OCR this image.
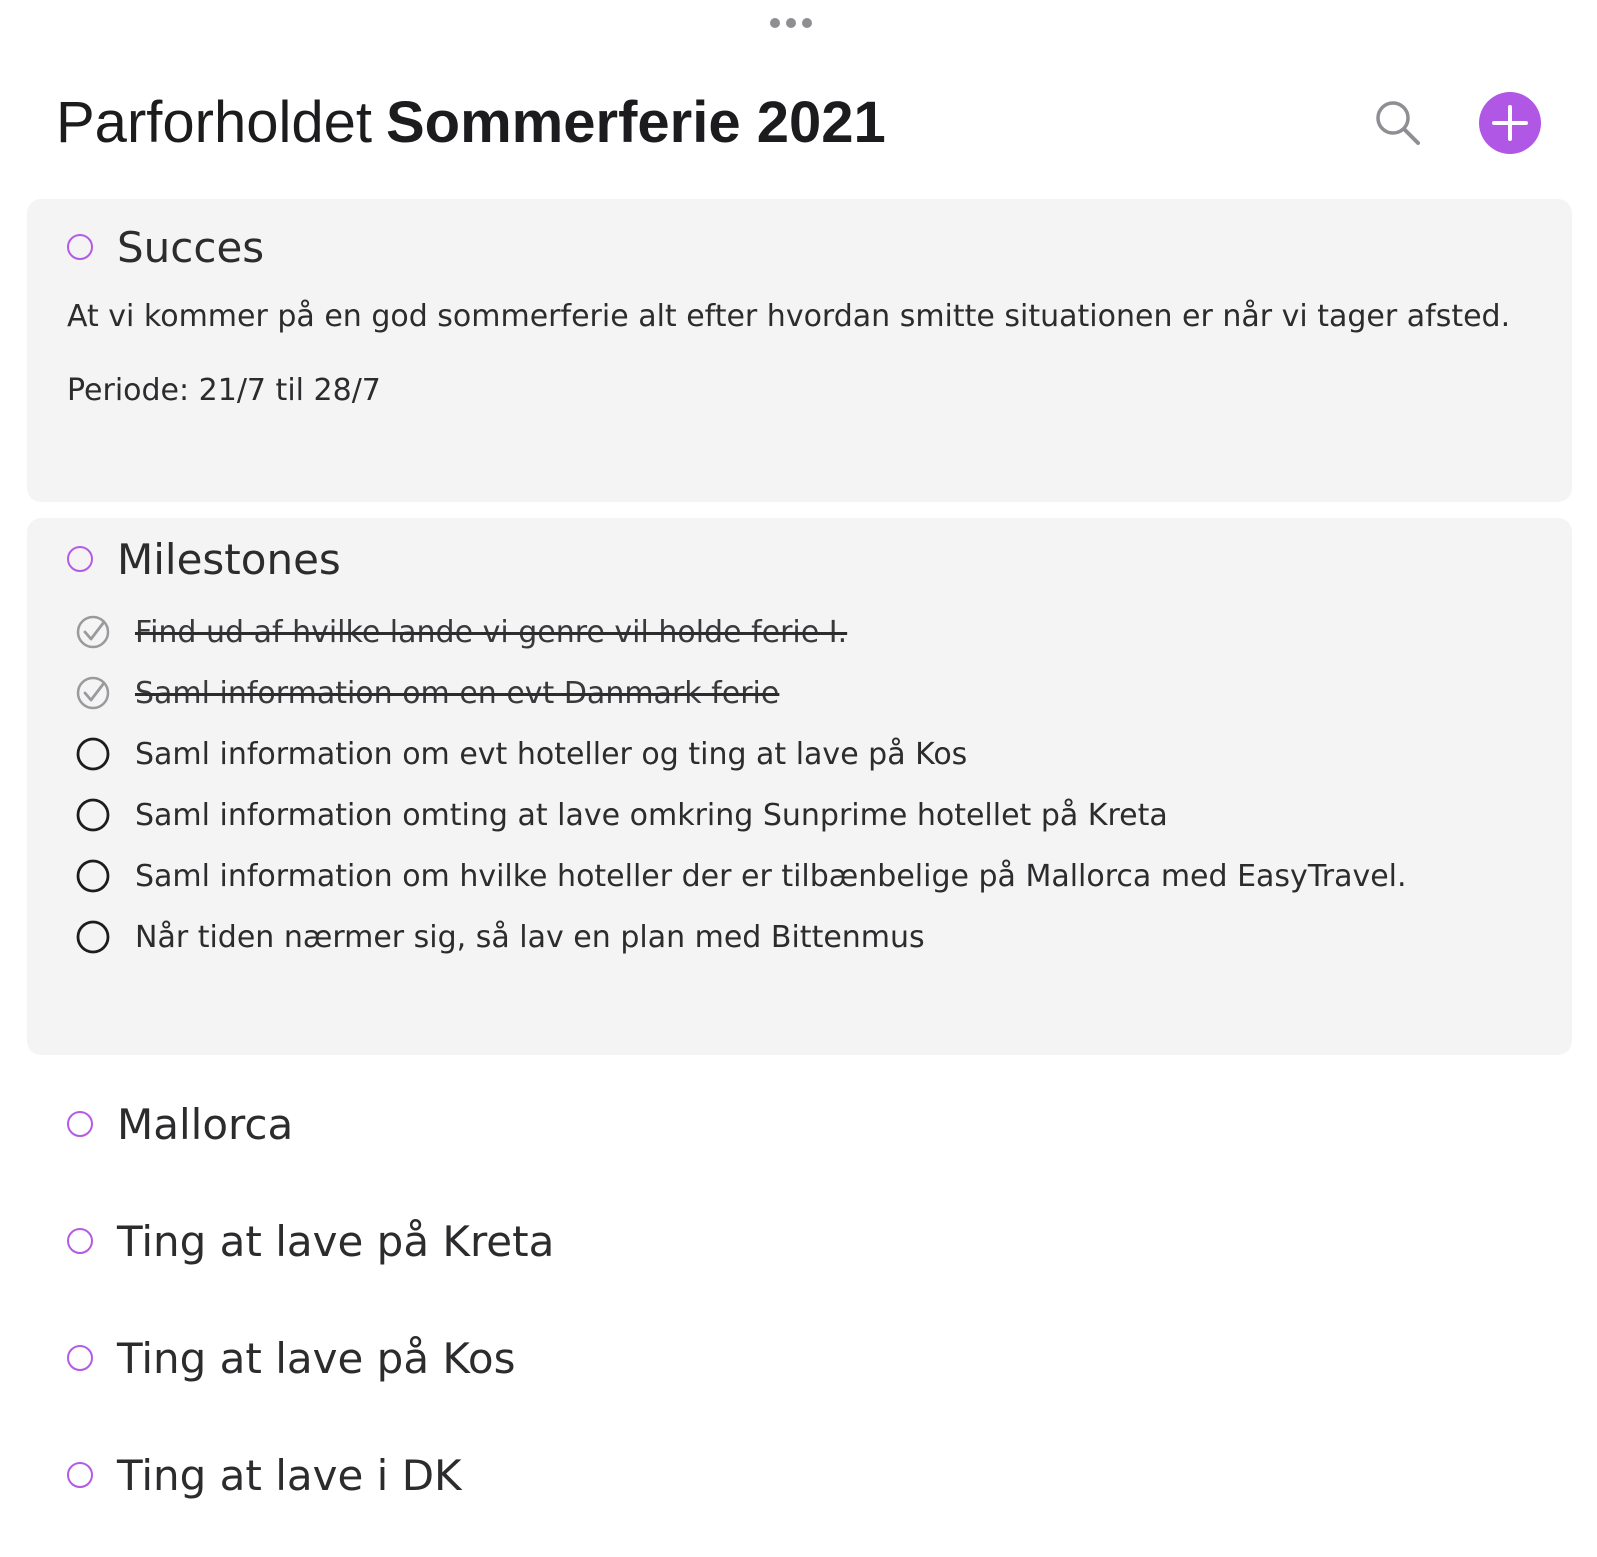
Parforholdet Sommerferie 2021
Succes
At vi kommer på en god sommerferie alt efter hvordan smitte situationen er når vi tager afsted.
Periode: 21/7 til 28/7
Milestones
Find ud af hvilke lande vi genre vil holde ferie I.
Saml information om en evt Danmark ferie
Saml information om evt hoteller og ting at lave på Kos
Saml information omting at lave omkring Sunprime hotellet på Kreta
Saml information om hvilke hoteller der er tilbænbelige på Mallorca med EasyTravel.
Når tiden nærmer sig, så lav en plan med Bittenmus
Mallorca
Ting at lave på Kreta
Ting at lave på Kos
Ting at lave i DK
